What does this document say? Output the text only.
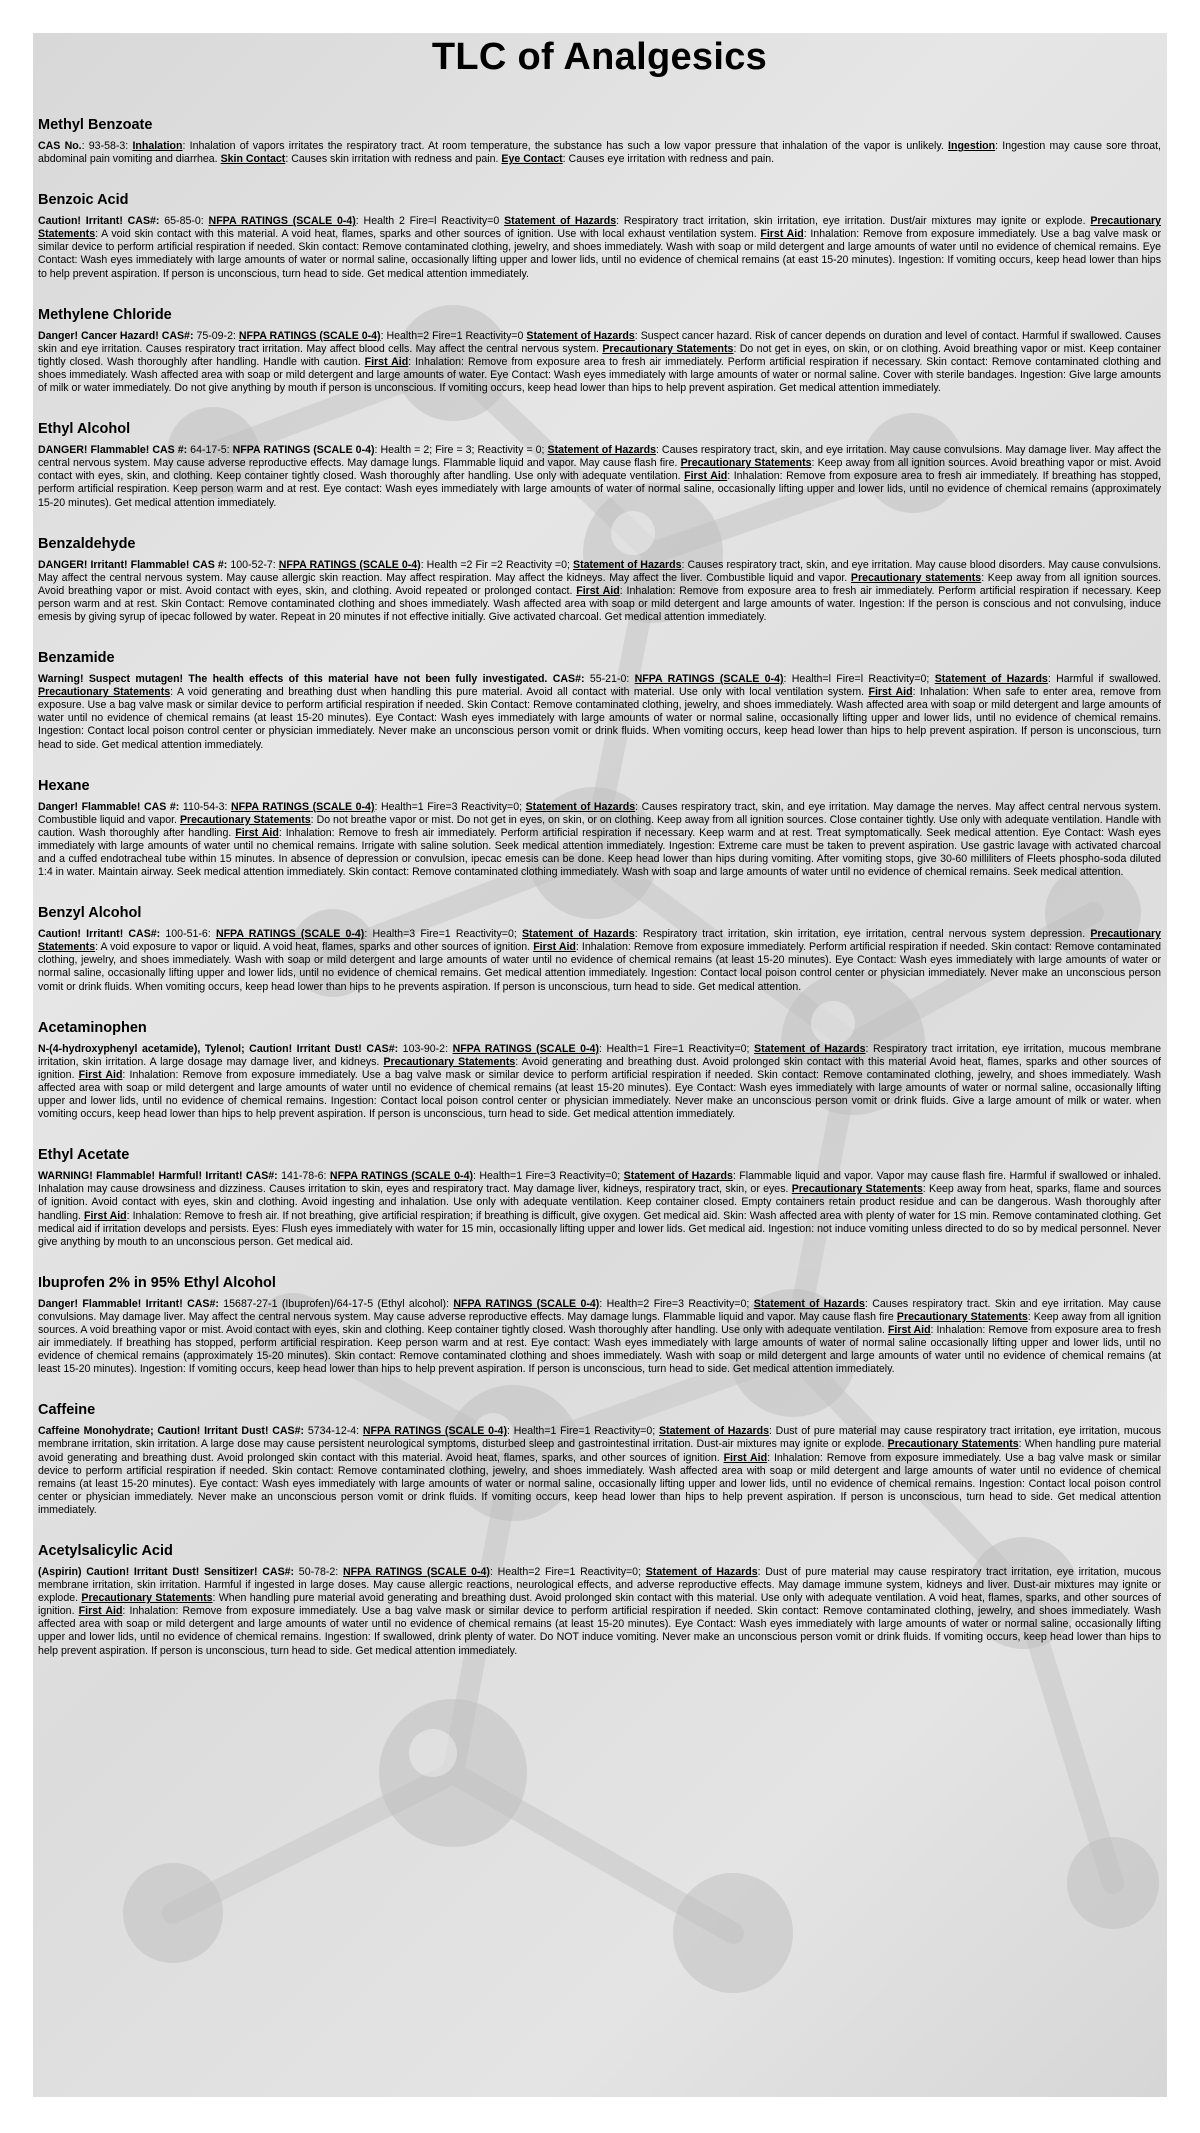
TLC of Analgesics
Methyl Benzoate

CAS No.: 93-58-3: Inhalation: Inhalation of vapors irritates the respiratory tract. At room temperature, the substance has such a low vapor pressure that inhalation of the vapor is unlikely. Ingestion: Ingestion may cause sore throat, abdominal pain vomiting and diarrhea. Skin Contact: Causes skin irritation with redness and pain. Eye Contact: Causes eye irritation with redness and pain.

Benzoic Acid

Caution! Irritant! CAS#: 65-85-0: NFPA RATINGS (SCALE 0-4): Health 2 Fire=l Reactivity=0 Statement of Hazards: Respiratory tract irritation, skin irritation, eye irritation. Dust/air mixtures may ignite or explode. Precautionary Statements: A void skin contact with this material. A void heat, flames, sparks and other sources of ignition. Use with local exhaust ventilation system. First Aid: Inhalation: Remove from exposure immediately. Use a bag valve mask or similar device to perform artificial respiration if needed. Skin contact: Remove contaminated clothing, jewelry, and shoes immediately. Wash with soap or mild detergent and large amounts of water until no evidence of chemical remains. Eye Contact: Wash eyes immediately with large amounts of water or normal saline, occasionally lifting upper and lower lids, until no evidence of chemical remains (at east 15-20 minutes). Ingestion: If vomiting occurs, keep head lower than hips to help prevent aspiration. If person is unconscious, turn head to side. Get medical attention immediately.

Methylene Chloride

Danger! Cancer Hazard! CAS#: 75-09-2: NFPA RATINGS (SCALE 0-4): Health=2 Fire=1 Reactivity=0 Statement of Hazards: Suspect cancer hazard. Risk of cancer depends on duration and level of contact. Harmful if swallowed. Causes skin and eye irritation. Causes respiratory tract irritation. May affect blood cells. May affect the central nervous system. Precautionary Statements: Do not get in eyes, on skin, or on clothing. Avoid breathing vapor or mist. Keep container tightly closed. Wash thoroughly after handling. Handle with caution. First Aid: Inhalation: Remove from exposure area to fresh air immediately. Perform artificial respiration if necessary. Skin contact: Remove contaminated clothing and shoes immediately. Wash affected area with soap or mild detergent and large amounts of water. Eye Contact: Wash eyes immediately with large amounts of water or normal saline. Cover with sterile bandages. Ingestion: Give large amounts of milk or water immediately. Do not give anything by mouth if person is unconscious. If vomiting occurs, keep head lower than hips to help prevent aspiration. Get medical attention immediately.

Ethyl Alcohol

DANGER! Flammable! CAS #: 64-17-5: NFPA RATINGS (SCALE 0-4): Health = 2; Fire = 3; Reactivity = 0; Statement of Hazards: Causes respiratory tract, skin, and eye irritation. May cause convulsions. May damage liver. May affect the central nervous system. May cause adverse reproductive effects. May damage lungs. Flammable liquid and vapor. May cause flash fire. Precautionary Statements: Keep away from all ignition sources. Avoid breathing vapor or mist. Avoid contact with eyes, skin, and clothing. Keep container tightly closed. Wash thoroughly after handling. Use only with adequate ventilation. First Aid: Inhalation: Remove from exposure area to fresh air immediately. If breathing has stopped, perform artificial respiration. Keep person warm and at rest. Eye contact: Wash eyes immediately with large amounts of water of normal saline, occasionally lifting upper and lower lids, until no evidence of chemical remains (approximately 15-20 minutes). Get medical attention immediately.

Benzaldehyde

DANGER! Irritant! Flammable! CAS #: 100-52-7: NFPA RATINGS (SCALE 0-4): Health =2 Fir =2 Reactivity =0; Statement of Hazards: Causes respiratory tract, skin, and eye irritation. May cause blood disorders. May cause convulsions. May affect the central nervous system. May cause allergic skin reaction. May affect respiration. May affect the kidneys. May affect the liver. Combustible liquid and vapor. Precautionary statements: Keep away from all ignition sources. Avoid breathing vapor or mist. Avoid contact with eyes, skin, and clothing. Avoid repeated or prolonged contact. First Aid: Inhalation: Remove from exposure area to fresh air immediately. Perform artificial respiration if necessary. Keep person warm and at rest. Skin Contact: Remove contaminated clothing and shoes immediately. Wash affected area with soap or mild detergent and large amounts of water. Ingestion: If the person is conscious and not convulsing, induce emesis by giving syrup of ipecac followed by water. Repeat in 20 minutes if not effective initially. Give activated charcoal. Get medical attention immediately.

Benzamide

Warning! Suspect mutagen! The health effects of this material have not been fully investigated. CAS#: 55-21-0: NFPA RATINGS (SCALE 0-4): Health=l Fire=l Reactivity=0; Statement of Hazards: Harmful if swallowed. Precautionary Statements: A void generating and breathing dust when handling this pure material. Avoid all contact with material. Use only with local ventilation system. First Aid: Inhalation: When safe to enter area, remove from exposure. Use a bag valve mask or similar device to perform artificial respiration if needed. Skin Contact: Remove contaminated clothing, jewelry, and shoes immediately. Wash affected area with soap or mild detergent and large amounts of water until no evidence of chemical remains (at least 15-20 minutes). Eye Contact: Wash eyes immediately with large amounts of water or normal saline, occasionally lifting upper and lower lids, until no evidence of chemical remains. Ingestion: Contact local poison control center or physician immediately. Never make an unconscious person vomit or drink fluids. When vomiting occurs, keep head lower than hips to help prevent aspiration. If person is unconscious, turn head to side. Get medical attention immediately.

Hexane

Danger! Flammable! CAS #: 110-54-3: NFPA RATINGS (SCALE 0-4): Health=1 Fire=3 Reactivity=0; Statement of Hazards: Causes respiratory tract, skin, and eye irritation. May damage the nerves. May affect central nervous system. Combustible liquid and vapor. Precautionary Statements: Do not breathe vapor or mist. Do not get in eyes, on skin, or on clothing. Keep away from all ignition sources. Close container tightly. Use only with adequate ventilation. Handle with caution. Wash thoroughly after handling. First Aid: Inhalation: Remove to fresh air immediately. Perform artificial respiration if necessary. Keep warm and at rest. Treat symptomatically. Seek medical attention. Eye Contact: Wash eyes immediately with large amounts of water until no chemical remains. Irrigate with saline solution. Seek medical attention immediately. Ingestion: Extreme care must be taken to prevent aspiration. Use gastric lavage with activated charcoal and a cuffed endotracheal tube within 15 minutes. In absence of depression or convulsion, ipecac emesis can be done. Keep head lower than hips during vomiting. After vomiting stops, give 30-60 milliliters of Fleets phospho-soda diluted 1:4 in water. Maintain airway. Seek medical attention immediately. Skin contact: Remove contaminated clothing immediately. Wash with soap and large amounts of water until no evidence of chemical remains. Seek medical attention.

Benzyl Alcohol

Caution! Irritant! CAS#: 100-51-6: NFPA RATINGS (SCALE 0-4): Health=3 Fire=1 Reactivity=0; Statement of Hazards: Respiratory tract irritation, skin irritation, eye irritation, central nervous system depression. Precautionary Statements: A void exposure to vapor or liquid. A void heat, flames, sparks and other sources of ignition. First Aid: Inhalation: Remove from exposure immediately. Perform artificial respiration if needed. Skin contact: Remove contaminated clothing, jewelry, and shoes immediately. Wash with soap or mild detergent and large amounts of water until no evidence of chemical remains (at least 15-20 minutes). Eye Contact: Wash eyes immediately with large amounts of water or normal saline, occasionally lifting upper and lower lids, until no evidence of chemical remains. Get medical attention immediately. Ingestion: Contact local poison control center or physician immediately. Never make an unconscious person vomit or drink fluids. When vomiting occurs, keep head lower than hips to he prevents aspiration. If person is unconscious, turn head to side. Get medical attention.

Acetaminophen

N-(4-hydroxyphenyl acetamide), Tylenol; Caution! Irritant Dust! CAS#: 103-90-2: NFPA RATINGS (SCALE 0-4): Health=1 Fire=1 Reactivity=0; Statement of Hazards: Respiratory tract irritation, eye irritation, mucous membrane irritation, skin irritation. A large dosage may damage liver, and kidneys. Precautionary Statements: Avoid generating and breathing dust. Avoid prolonged skin contact with this material Avoid heat, flames, sparks and other sources of ignition. First Aid: Inhalation: Remove from exposure immediately. Use a bag valve mask or similar device to perform artificial respiration if needed. Skin contact: Remove contaminated clothing, jewelry, and shoes immediately. Wash affected area with soap or mild detergent and large amounts of water until no evidence of chemical remains (at least 15-20 minutes). Eye Contact: Wash eyes immediately with large amounts of water or normal saline, occasionally lifting upper and lower lids, until no evidence of chemical remains. Ingestion: Contact local poison control center or physician immediately. Never make an unconscious person vomit or drink fluids. Give a large amount of milk or water. when vomiting occurs, keep head lower than hips to help prevent aspiration. If person is unconscious, turn head to side. Get medical attention immediately.

Ethyl Acetate

WARNING! Flammable! Harmful! Irritant! CAS#: 141-78-6: NFPA RATINGS (SCALE 0-4): Health=1 Fire=3 Reactivity=0; Statement of Hazards: Flammable liquid and vapor. Vapor may cause flash fire. Harmful if swallowed or inhaled. Inhalation may cause drowsiness and dizziness. Causes irritation to skin, eyes and respiratory tract. May damage liver, kidneys, respiratory tract, skin, or eyes. Precautionary Statements: Keep away from heat, sparks, flame and sources of ignition. Avoid contact with eyes, skin and clothing. Avoid ingesting and inhalation. Use only with adequate ventilation. Keep container closed. Empty containers retain product residue and can be dangerous. Wash thoroughly after handling. First Aid: Inhalation: Remove to fresh air. If not breathing, give artificial respiration; if breathing is difficult, give oxygen. Get medical aid. Skin: Wash affected area with plenty of water for 1S min. Remove contaminated clothing. Get medical aid if irritation develops and persists. Eyes: Flush eyes immediately with water for 15 min, occasionally lifting upper and lower lids. Get medical aid. Ingestion: not induce vomiting unless directed to do so by medical personnel. Never give anything by mouth to an unconscious person. Get medical aid.

Ibuprofen 2% in 95% Ethyl Alcohol

Danger! Flammable! Irritant! CAS#: 15687-27-1 (Ibuprofen)/64-17-5 (Ethyl alcohol): NFPA RATINGS (SCALE 0-4): Health=2 Fire=3 Reactivity=0; Statement of Hazards: Causes respiratory tract. Skin and eye irritation. May cause convulsions. May damage liver. May affect the central nervous system. May cause adverse reproductive effects. May damage lungs. Flammable liquid and vapor. May cause flash fire Precautionary Statements: Keep away from all ignition sources. A void breathing vapor or mist. Avoid contact with eyes, skin and clothing. Keep container tightly closed. Wash thoroughly after handling. Use only with adequate ventilation. First Aid: Inhalation: Remove from exposure area to fresh air immediately. If breathing has stopped, perform artificial respiration. Keep person warm and at rest. Eye contact: Wash eyes immediately with large amounts of water of normal saline occasionally lifting upper and lower lids, until no evidence of chemical remains (approximately 15-20 minutes). Skin contact: Remove contaminated clothing and shoes immediately. Wash with soap or mild detergent and large amounts of water until no evidence of chemical remains (at least 15-20 minutes). Ingestion: If vomiting occurs, keep head lower than hips to help prevent aspiration. If person is unconscious, turn head to side. Get medical attention immediately.

Caffeine

Caffeine Monohydrate; Caution! Irritant Dust! CAS#: 5734-12-4: NFPA RATINGS (SCALE 0-4): Health=1 Fire=1 Reactivity=0; Statement of Hazards: Dust of pure material may cause respiratory tract irritation, eye irritation, mucous membrane irritation, skin irritation. A large dose may cause persistent neurological symptoms, disturbed sleep and gastrointestinal irritation. Dust-air mixtures may ignite or explode. Precautionary Statements: When handling pure material avoid generating and breathing dust. Avoid prolonged skin contact with this material. Avoid heat, flames, sparks, and other sources of ignition. First Aid: Inhalation: Remove from exposure immediately. Use a bag valve mask or similar device to perform artificial respiration if needed. Skin contact: Remove contaminated clothing, jewelry, and shoes immediately. Wash affected area with soap or mild detergent and large amounts of water until no evidence of chemical remains (at least 15-20 minutes). Eye contact: Wash eyes immediately with large amounts of water or normal saline, occasionally lifting upper and lower lids, until no evidence of chemical remains. Ingestion: Contact local poison control center or physician immediately. Never make an unconscious person vomit or drink fluids. If vomiting occurs, keep head lower than hips to help prevent aspiration. If person is unconscious, turn head to side. Get medical attention immediately.

Acetylsalicylic Acid

(Aspirin) Caution! Irritant Dust! Sensitizer! CAS#: 50-78-2: NFPA RATINGS (SCALE 0-4): Health=2 Fire=1 Reactivity=0; Statement of Hazards: Dust of pure material may cause respiratory tract irritation, eye irritation, mucous membrane irritation, skin irritation. Harmful if ingested in large doses. May cause allergic reactions, neurological effects, and adverse reproductive effects. May damage immune system, kidneys and liver. Dust-air mixtures may ignite or explode. Precautionary Statements: When handling pure material avoid generating and breathing dust. Avoid prolonged skin contact with this material. Use only with adequate ventilation. A void heat, flames, sparks, and other sources of ignition. First Aid: Inhalation: Remove from exposure immediately. Use a bag valve mask or similar device to perform artificial respiration if needed. Skin contact: Remove contaminated clothing, jewelry, and shoes immediately. Wash affected area with soap or mild detergent and large amounts of water until no evidence of chemical remains (at least 15-20 minutes). Eye Contact: Wash eyes immediately with large amounts of water or normal saline, occasionally lifting upper and lower lids, until no evidence of chemical remains. Ingestion: If swallowed, drink plenty of water. Do NOT induce vomiting. Never make an unconscious person vomit or drink fluids. If vomiting occurs, keep head lower than hips to help prevent aspiration. If person is unconscious, turn head to side. Get medical attention immediately.
